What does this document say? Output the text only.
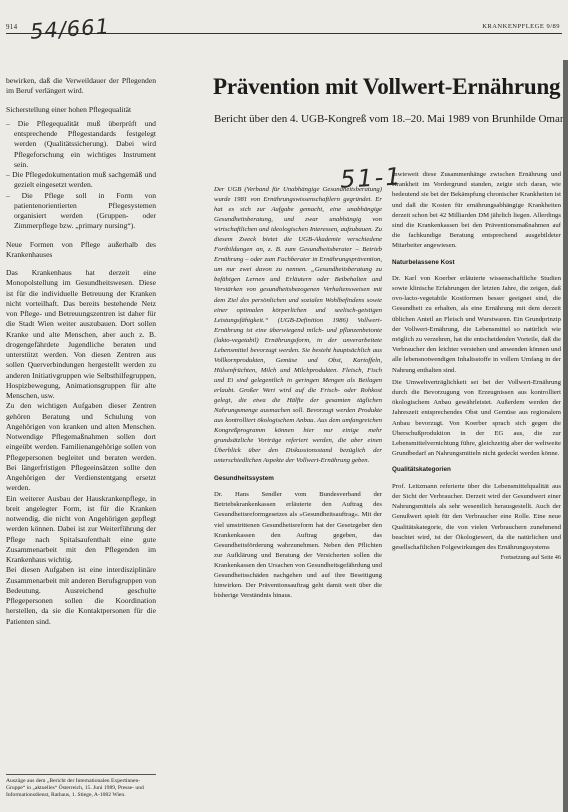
914	KRANKENPFLEGE 9/89
54/661
51-1

bewirken, daß die Verweildauer der Pflegenden im Beruf verlängert wird.

Sicherstellung einer hohen Pflegequalität

– Die Pflegequalität muß überprüft und entsprechende Pflegestandards festgelegt werden (Qualitätssicherung). Dabei wird Pflegeforschung ein wichtiges Instrument sein.
– Die Pflegedokumentation muß sachgemäß und gezielt eingesetzt werden.
– Die Pflege soll in Form von patientenorientierten Pflegesystemen organisiert werden (Gruppen- oder Zimmerpflege bzw. „primary nursing“).

Neue Formen von Pflege außerhalb des Krankenhauses

Das Krankenhaus hat derzeit eine Monopolstellung im Gesundheitswesen. Diese ist für die individuelle Betreuung der Kranken nicht vorteilhaft. Das bereits bestehende Netz von Pflege- und Betreuungszentren ist daher für die Stadt Wien weiter auszubauen. Dort sollen Kranke und alte Menschen, aber auch z. B. drogengefährdete Jugendliche beraten und unterstützt werden. Von diesen Zentren aus sollen Querverbindungen hergestellt werden zu anderen Initiativgruppen wie Selbsthilfegruppen, Hospizbewegung, Animationsgruppen für alte Menschen, usw.

Zu den wichtigen Aufgaben dieser Zentren gehören Beratung und Schulung von Angehörigen von kranken und alten Menschen. Notwendige Pflegemaßnahmen sollen dort eingeübt werden. Familienangehörige sollen von Pflegepersonen begleitet und beraten werden. Bei längerfristigen Pflegeeinsätzen sollte den Angehörigen der Verdienstentgang ersetzt werden.

Ein weiterer Ausbau der Hauskrankenpflege, in breit angelegter Form, ist für die Kranken notwendig, die nicht von Angehörigen gepflegt werden können. Dabei ist zur Weiterführung der Pflege nach Spitalsaufenthalt eine gute Zusammenarbeit mit den Pflegenden im Krankenhaus wichtig.

Bei diesen Aufgaben ist eine interdisziplinäre Zusammenarbeit mit anderen Berufsgruppen von Bedeutung. Ausreichend geschulte Pflegepersonen sollen die Koordination herstellen, da sie die Kontaktpersonen für die Patienten sind.

Auszüge aus dem „Bericht der Internationalen Expertinnen-Gruppe“ in „aktuelles“ Österreich, 15. Juni 1989, Presse- und Informationsdienst, Rathaus, 1. Stiege, A-1082 Wien.
Prävention mit Vollwert-Ernährung
Bericht über den 4. UGB-Kongreß vom 18.–20. Mai 1989 von Brunhilde Omar

Der UGB (Verband für Unabhängige Gesundheitsberatung) wurde 1981 von Ernährungswissenschaftlern gegründet. Er hat es sich zur Aufgabe gemacht, eine unabhängige Gesundheitsberatung, und zwar unabhängig von wirtschaftlichen und ideologischen Interessen, aufzubauen. Zu diesem Zweck bietet die UGB-Akademie verschiedene Fortbildungen an, z. B. zum Gesundheitsberater – Betrieb Ernährung – oder zum Fachberater in Ernährungsprävention, um nur zwei davon zu nennen. „Gesundheitsberatung zu befähigen Lernen und Erläutern oder Beibehalten und Verstärken von gesundheitsbezogenen Verhaltensweisen mit dem Ziel des persönlichen und sozialen Wohlbefindens sowie einer optimalen körperlichen und seelisch-geistigen Leistungsfähigkeit.“ (UGB-Definition 1986) Vollwert-Ernährung ist eine überwiegend milch- und pflanzenbetonte (lakto-vegetabil) Ernährungsform, in der unverarbeitete Lebensmittel bevorzugt werden. Sie besteht hauptsächlich aus Vollkornprodukten, Gemüse und Obst, Kartoffeln, Hülsenfrüchten, Milch und Milchprodukten. Fleisch, Fisch und Ei sind gelegentlich in geringen Mengen als Beilagen erlaubt. Großer Wert wird auf die Frisch- oder Rohkost gelegt, die etwa die Hälfte der gesamten täglichen Nahrungsmenge ausmachen soll. Bevorzugt werden Produkte aus kontrolliert ökologischem Anbau. Aus dem umfangreichen Kongreßprogramm können hier nur einige mehr grundsätzliche Vorträge referiert werden, die aber einen Überblick über den Diskussionsstand bezüglich der unterschiedlichen Aspekte der Vollwert-Ernährung geben.

Gesundheitssystem

Dr. Hans Sendler vom Bundesverband der Betriebskrankenkassen erläuterte den Auftrag des Gesundheitsreformgesetzes als »Gesundheitsauftrag«. Mit der viel umstrittenen Gesundheitsreform hat der Gesetzgeber den Krankenkassen den Auftrag gegeben, das Gesundheitsförderung wahrzunehmen. Neben den Pflichten zur Aufklärung und Beratung der Versicherten sollen die Krankenkassen den Ursachen von Gesundheitsgefährdung und Gesundheitsschäden nachgehen und auf ihre Beseitigung hinwirken. Der Präventionsauftrag geht damit weit über die bisherige Verständnis hinaus.

Inwieweit diese Zusammenhänge zwischen Ernährung und Krankheit im Vordergrund standen, zeigte sich daran, wie bedeutend sie bei der Bekämpfung chronischer Krankheiten ist und daß die Kosten für ernährungsabhängige Krankheiten derzeit schon bei 42 Milliarden DM jährlich liegen. Allerdings sind die Krankenkassen bei den Präventionsmaßnahmen auf die fachkundige Beratung entsprechend ausgebildeter Mitarbeiter angewiesen.

Naturbelassene Kost

Dr. Karl von Koerber erläuterte wissenschaftliche Studien sowie klinische Erfahrungen der letzten Jahre, die zeigen, daß ovo-lacto-vegetabile Kostformen besser geeignet sind, die Gesundheit zu erhalten, als eine Ernährung mit dem derzeit üblichen Anteil an Fleisch und Wurstwaren. Ein Grundprinzip der Vollwert-Ernährung, die Lebensmittel so natürlich wie möglich zu verzehren, hat die entscheidenden Vorteile, daß die Verbraucher den leichter verstehen und anwenden können und alle lebensnotwendigen Inhaltsstoffe in vollem Umfang in der Nahrung enthalten sind.

Die Umweltverträglichkeit sei bei der Vollwert-Ernährung durch die Bevorzugung von Erzeugnissen aus kontrolliert ökologischem Anbau gewährleistet. Außerdem werden der Jahreszeit entsprechendes Obst und Gemüse aus regionalem Anbau bevorzugt. Von Koerber sprach sich gegen die Überschußproduktion in der EG aus, die zur Lebensmittelvernichtung führe, gleichzeitig aber der weltweite Grundbedarf an Nahrungsmitteln nicht gedeckt werden könne.

Qualitätskategorien

Prof. Leitzmann referierte über die Lebensmittelqualität aus der Sicht der Verbraucher. Derzeit wird der Gesundwert einer Nahrungsmittels als sehr wesentlich herausgestellt. Auch der Genußwert spielt für den Verbraucher eine Rolle. Eine neue Qualitätskategorie, die von vielen Verbrauchern zunehmend beachtet wird, ist der Ökologiewert, da die natürlichen und gesellschaftlichen Folgewirkungen des Ernährungssystems

Fortsetzung auf Seite 46
